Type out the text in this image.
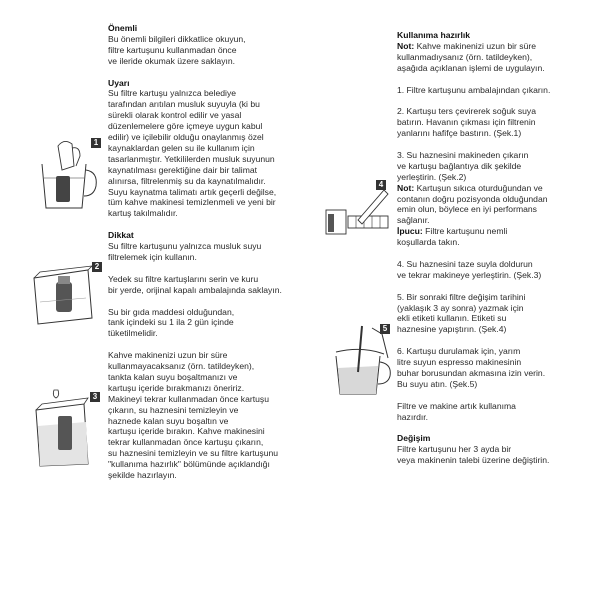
Önemli

Bu önemli bilgileri dikkatlice okuyun,

filtre kartuşunu kullanmadan önce

ve ileride okumak üzere saklayın.

Uyarı

Su filtre kartuşu yalnızca belediye

tarafından arıtılan musluk suyuyla (ki bu

sürekli olarak kontrol edilir ve yasal

düzenlemelere göre içmeye uygun kabul

edilir) ve içilebilir olduğu onaylanmış özel

kaynaklardan gelen su ile kullanım için

tasarlanmıştır. Yetkililerden musluk suyunun

kaynatılması gerektiğine dair bir talimat

alınırsa, filtrelenmiş su da kaynatılmalıdır.

Suyu kaynatma talimatı artık geçerli değilse,

tüm kahve makinesi temizlenmeli ve yeni bir

kartuş takılmalıdır.

Dikkat

Su filtre kartuşunu yalnızca musluk suyu

filtrelemek için kullanın.

Yedek su filtre kartuşlarını serin ve kuru

bir yerde, orijinal kapalı ambalajında saklayın.

Su bir gıda maddesi olduğundan,

tank içindeki su 1 ila 2 gün içinde

tüketilmelidir.

Kahve makinenizi uzun bir süre

kullanmayacaksanız (örn. tatildeyken),

tankta kalan suyu boşaltmanızı ve

kartuşu içeride bırakmanızı öneririz.

Makineyi tekrar kullanmadan önce kartuşu

çıkarın, su haznesini temizleyin ve

haznede kalan suyu boşaltın ve

kartuşu içeride bırakın. Kahve makinesini

tekrar kullanmadan önce kartuşu çıkarın,

su haznesini temizleyin ve su filtre kartuşunu

"kullanıma hazırlık" bölümünde açıklandığı

şekilde hazırlayın.

Kullanıma hazırlık

Not: Kahve makinenizi uzun bir süre

kullanmadıysanız (örn. tatildeyken),

aşağıda açıklanan işlemi de uygulayın.

1. Filtre kartuşunu ambalajından çıkarın.

2. Kartuşu ters çevirerek soğuk suya

batırın. Havanın çıkması için filtrenin

yanlarını hafifçe bastırın. (Şek.1)

3. Su haznesini makineden çıkarın

ve kartuşu bağlantıya dik şekilde

yerleştirin. (Şek.2)

Not: Kartuşun sıkıca oturduğundan ve

contanın doğru pozisyonda olduğundan

emin olun, böylece en iyi performans

sağlanır.

İpucu: Filtre kartuşunu nemli

koşullarda takın.

4. Su haznesini taze suyla doldurun

ve tekrar makineye yerleştirin. (Şek.3)

5. Bir sonraki filtre değişim tarihini

(yaklaşık 3 ay sonra) yazmak için

ekli etiketi kullanın. Etiketi su

haznesine yapıştırın. (Şek.4)

6. Kartuşu durulamak için, yarım

litre suyun espresso makinesinin

buhar borusundan akmasına izin verin.

Bu suyu atın. (Şek.5)

Filtre ve makine artık kullanıma

hazırdır.

Değişim

Filtre kartuşunu her 3 ayda bir

veya makinenin talebi üzerine değiştirin.

1
2
3
4
5
